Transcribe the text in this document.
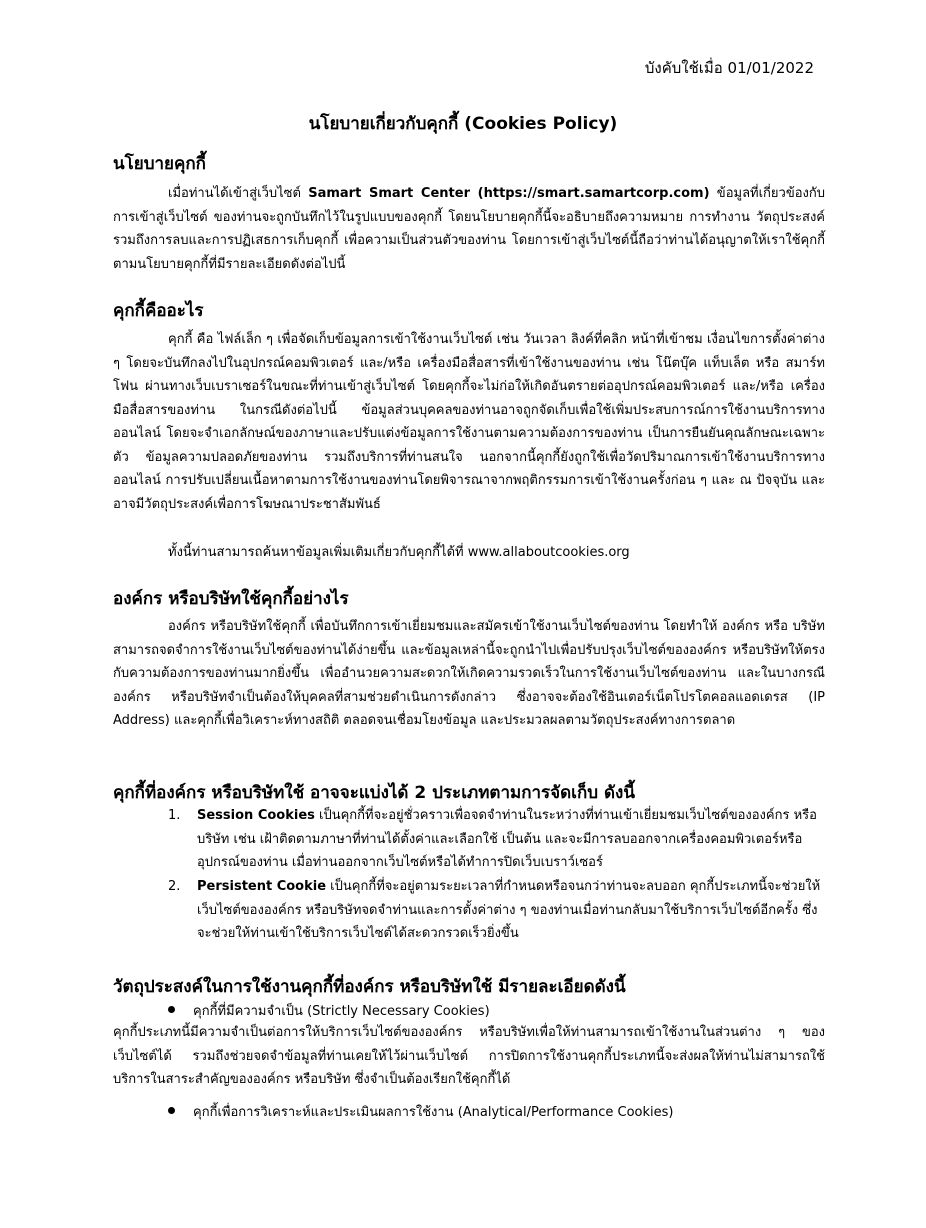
บังคับใช้เมื่อ 01/01/2022
นโยบายเกี่ยวกับคุกกี้ (Cookies Policy)
นโยบายคุกกี้

เมื่อท่านได้เข้าสู่เว็บไซต์ Samart Smart Center (https://smart.samartcorp.com) ข้อมูลที่เกี่ยวข้องกับการเข้าสู่เว็บไซต์ ของท่านจะถูกบันทึกไว้ในรูปแบบของคุกกี้ โดยนโยบายคุกกี้นี้จะอธิบายถึงความหมาย การทำงาน วัตถุประสงค์ รวมถึงการลบและการปฏิเสธการเก็บคุกกี้ เพื่อความเป็นส่วนตัวของท่าน โดยการเข้าสู่เว็บไซต์นี้ถือว่าท่านได้อนุญาตให้เราใช้คุกกี้ตามนโยบายคุกกี้ที่มีรายละเอียดดังต่อไปนี้

คุกกี้คืออะไร

คุกกี้ คือ ไฟล์เล็ก ๆ เพื่อจัดเก็บข้อมูลการเข้าใช้งานเว็บไซต์ เช่น วันเวลา ลิงค์ที่คลิก หน้าที่เข้าชม เงื่อนไขการตั้งค่าต่าง ๆ โดยจะบันทึกลงไปในอุปกรณ์คอมพิวเตอร์ และ/หรือ เครื่องมือสื่อสารที่เข้าใช้งานของท่าน เช่น โน๊ตบุ๊ค แท็บเล็ต หรือ สมาร์ทโฟน ผ่านทางเว็บเบราเซอร์ในขณะที่ท่านเข้าสู่เว็บไซต์ โดยคุกกี้จะไม่ก่อให้เกิดอันตรายต่ออุปกรณ์คอมพิวเตอร์ และ/หรือ เครื่องมือสื่อสารของท่าน ในกรณีดังต่อไปนี้ ข้อมูลส่วนบุคคลของท่านอาจถูกจัดเก็บเพื่อใช้เพิ่มประสบการณ์การใช้งานบริการทางออนไลน์ โดยจะจำเอกลักษณ์ของภาษาและปรับแต่งข้อมูลการใช้งานตามความต้องการของท่าน เป็นการยืนยันคุณลักษณะเฉพาะตัว ข้อมูลความปลอดภัยของท่าน รวมถึงบริการที่ท่านสนใจ นอกจากนี้คุกกี้ยังถูกใช้เพื่อวัดปริมาณการเข้าใช้งานบริการทางออนไลน์ การปรับเปลี่ยนเนื้อหาตามการใช้งานของท่านโดยพิจารณาจากพฤติกรรมการเข้าใช้งานครั้งก่อน ๆ และ ณ ปัจจุบัน และอาจมีวัตถุประสงค์เพื่อการโฆษณาประชาสัมพันธ์

ทั้งนี้ท่านสามารถค้นหาข้อมูลเพิ่มเติมเกี่ยวกับคุกกี้ได้ที่ www.allaboutcookies.org

องค์กร หรือบริษัทใช้คุกกี้อย่างไร

องค์กร หรือบริษัทใช้คุกกี้ เพื่อบันทึกการเข้าเยี่ยมชมและสมัครเข้าใช้งานเว็บไซต์ของท่าน โดยทำให้ องค์กร หรือ บริษัทสามารถจดจำการใช้งานเว็บไซต์ของท่านได้ง่ายขึ้น และข้อมูลเหล่านี้จะถูกนำไปเพื่อปรับปรุงเว็บไซต์ขององค์กร หรือบริษัทให้ตรงกับความต้องการของท่านมากยิ่งขึ้น เพื่ออำนวยความสะดวกให้เกิดความรวดเร็วในการใช้งานเว็บไซต์ของท่าน และในบางกรณีองค์กร หรือบริษัทจำเป็นต้องให้บุคคลที่สามช่วยดำเนินการดังกล่าว ซึ่งอาจจะต้องใช้อินเตอร์เน็ตโปรโตคอลแอดเดรส (IP Address) และคุกกี้เพื่อวิเคราะห์ทางสถิติ ตลอดจนเชื่อมโยงข้อมูล และประมวลผลตามวัตถุประสงค์ทางการตลาด

คุกกี้ที่องค์กร หรือบริษัทใช้ อาจจะแบ่งได้ 2 ประเภทตามการจัดเก็บ ดังนี้
1. Session Cookies เป็นคุกกี้ที่จะอยู่ชั่วคราวเพื่อจดจำท่านในระหว่างที่ท่านเข้าเยี่ยมชมเว็บไซต์ขององค์กร หรือบริษัท เช่น เฝ้าติดตามภาษาที่ท่านได้ตั้งค่าและเลือกใช้ เป็นต้น และจะมีการลบออกจากเครื่องคอมพิวเตอร์หรืออุปกรณ์ของท่าน เมื่อท่านออกจากเว็บไซต์หรือได้ทำการปิดเว็บเบราว์เซอร์
2. Persistent Cookie เป็นคุกกี้ที่จะอยู่ตามระยะเวลาที่กำหนดหรือจนกว่าท่านจะลบออก คุกกี้ประเภทนี้จะช่วยให้เว็บไซต์ขององค์กร หรือบริษัทจดจำท่านและการตั้งค่าต่าง ๆ ของท่านเมื่อท่านกลับมาใช้บริการเว็บไซต์อีกครั้ง ซึ่งจะช่วยให้ท่านเข้าใช้บริการเว็บไซต์ได้สะดวกรวดเร็วยิ่งขึ้น
วัตถุประสงค์ในการใช้งานคุกกี้ที่องค์กร หรือบริษัทใช้ มีรายละเอียดดังนี้
คุกกี้ที่มีความจำเป็น (Strictly Necessary Cookies)

คุกกี้ประเภทนี้มีความจำเป็นต่อการให้บริการเว็บไซต์ขององค์กร หรือบริษัทเพื่อให้ท่านสามารถเข้าใช้งานในส่วนต่าง ๆ ของเว็บไซต์ได้ รวมถึงช่วยจดจำข้อมูลที่ท่านเคยให้ไว้ผ่านเว็บไซต์ การปิดการใช้งานคุกกี้ประเภทนี้จะส่งผลให้ท่านไม่สามารถใช้บริการในสาระสำคัญขององค์กร หรือบริษัท ซึ่งจำเป็นต้องเรียกใช้คุกกี้ได้

คุกกี้เพื่อการวิเคราะห์และประเมินผลการใช้งาน (Analytical/Performance Cookies)
